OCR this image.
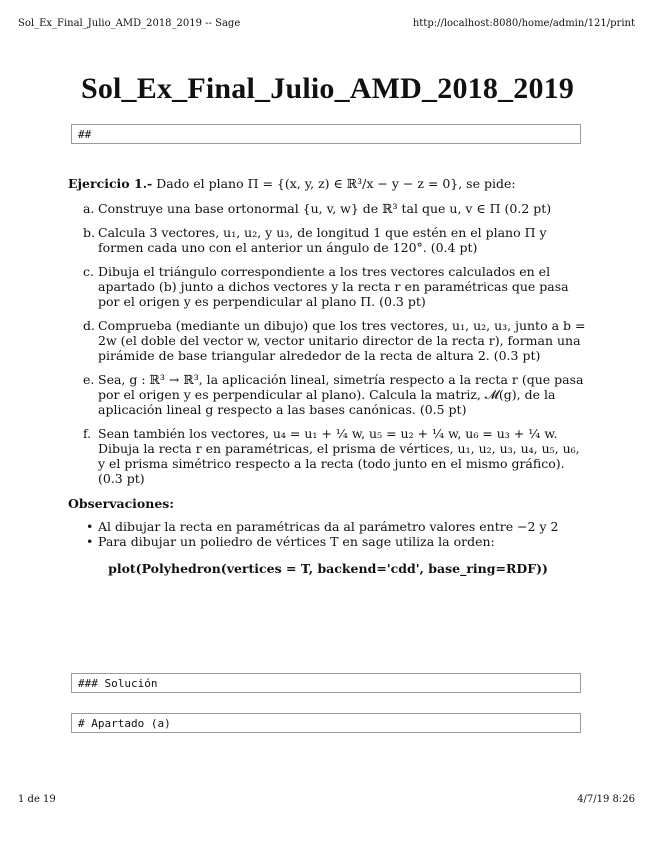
Sol_Ex_Final_Julio_AMD_2018_2019 -- Sage	http://localhost:8080/home/admin/121/print
Sol_Ex_Final_Julio_AMD_2018_2019
##
Ejercicio 1.- Dado el plano Π = {(x, y, z) ∈ ℝ³/x − y − z = 0}, se pide:
a. Construye una base ortonormal {u, v, w} de ℝ³ tal que u, v ∈ Π (0.2 pt)
b. Calcula 3 vectores, u₁, u₂, y u₃, de longitud 1 que estén en el plano Π y formen cada uno con el anterior un ángulo de 120°. (0.4 pt)
c. Dibuja el triángulo correspondiente a los tres vectores calculados en el apartado (b) junto a dichos vectores y la recta r en paramétricas que pasa por el origen y es perpendicular al plano Π. (0.3 pt)
d. Comprueba (mediante un dibujo) que los tres vectores, u₁, u₂, u₃, junto a b = 2w (el doble del vector w, vector unitario director de la recta r), forman una pirámide de base triangular alrededor de la recta de altura 2. (0.3 pt)
e. Sea, g : ℝ³ → ℝ³, la aplicación lineal, simetría respecto a la recta r (que pasa por el origen y es perpendicular al plano). Calcula la matriz, 𝓜(g), de la aplicación lineal g respecto a las bases canónicas. (0.5 pt)
f. Sean también los vectores, u₄ = u₁ + ¼ w, u₅ = u₂ + ¼ w, u₆ = u₃ + ¼ w. Dibuja la recta r en paramétricas, el prisma de vértices, u₁, u₂, u₃, u₄, u₅, u₆, y el prisma simétrico respecto a la recta (todo junto en el mismo gráfico). (0.3 pt)
Observaciones:
• Al dibujar la recta en paramétricas da al parámetro valores entre −2 y 2
• Para dibujar un poliedro de vértices T en sage utiliza la orden:
plot(Polyhedron(vertices = T, backend='cdd', base_ring=RDF))
### Solución
# Apartado (a)
1 de 19	4/7/19 8:26
